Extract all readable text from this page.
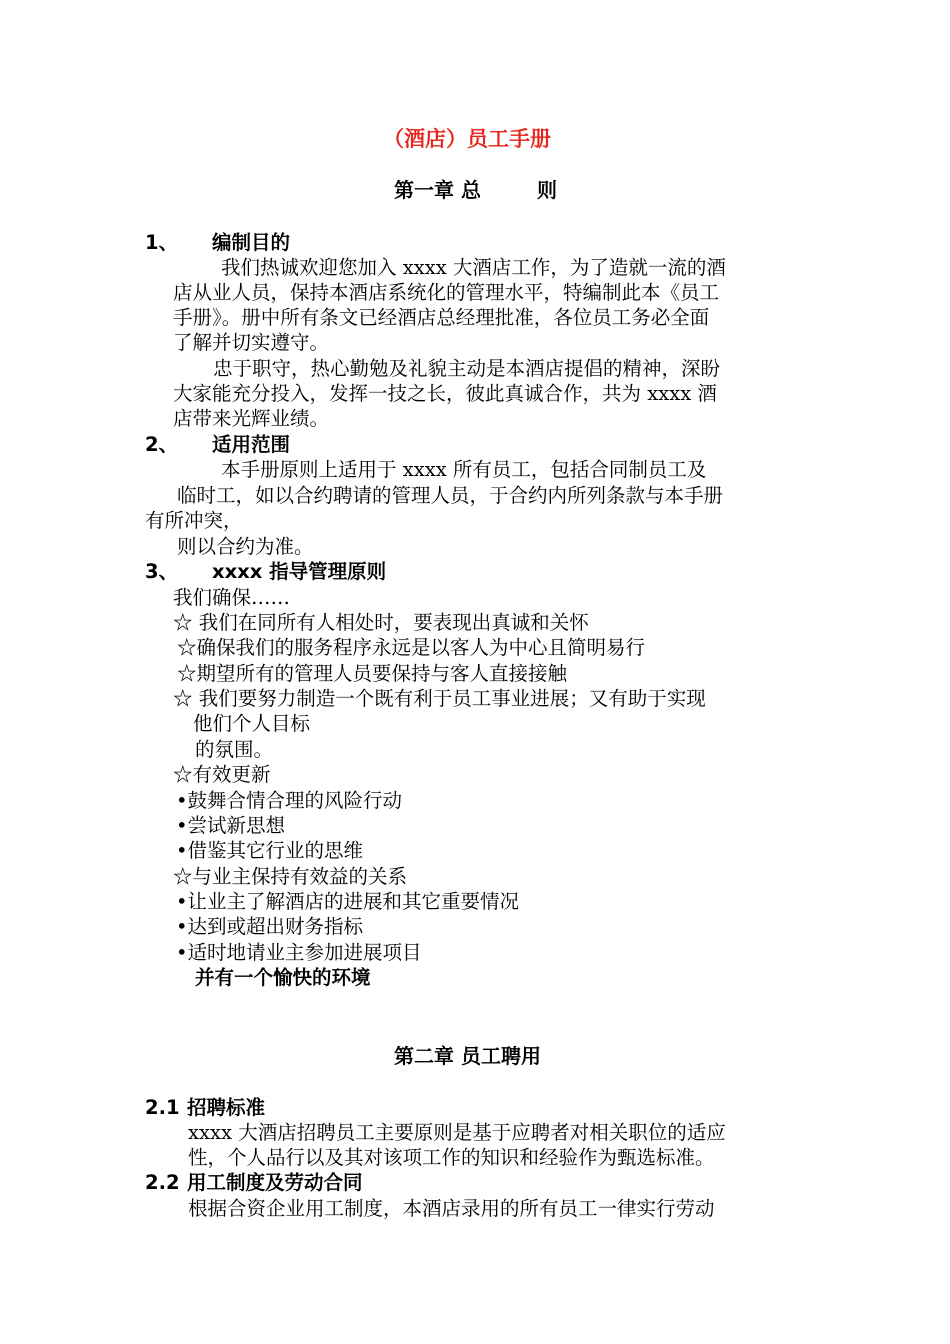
（酒店）员工手册
第一章 总	则
1、 编制目的
我们热诚欢迎您加入 xxxx 大酒店工作，为了造就一流的酒
店从业人员，保持本酒店系统化的管理水平，特编制此本《员工
手册》。册中所有条文已经酒店总经理批准，各位员工务必全面
了解并切实遵守。
忠于职守，热心勤勉及礼貌主动是本酒店提倡的精神，深盼
大家能充分投入，发挥一技之长，彼此真诚合作，共为 xxxx 酒
店带来光辉业绩。
2、 适用范围
本手册原则上适用于 xxxx 所有员工，包括合同制员工及
临时工，如以合约聘请的管理人员，于合约内所列条款与本手册
有所冲突，
则以合约为准。
3、 xxxx 指导管理原则
我们确保……
☆ 我们在同所有人相处时，要表现出真诚和关怀
☆确保我们的服务程序永远是以客人为中心且简明易行
☆期望所有的管理人员要保持与客人直接接触
☆ 我们要努力制造一个既有利于员工事业进展；又有助于实现
他们个人目标
的氛围。
☆有效更新
•鼓舞合情合理的风险行动
•尝试新思想
•借鉴其它行业的思维
☆与业主保持有效益的关系
•让业主了解酒店的进展和其它重要情况
•达到或超出财务指标
•适时地请业主参加进展项目
并有一个愉快的环境
第二章 员工聘用
2.1 招聘标准
xxxx 大酒店招聘员工主要原则是基于应聘者对相关职位的适应
性，个人品行以及其对该项工作的知识和经验作为甄选标准。
2.2 用工制度及劳动合同
根据合资企业用工制度，本酒店录用的所有员工一律实行劳动
